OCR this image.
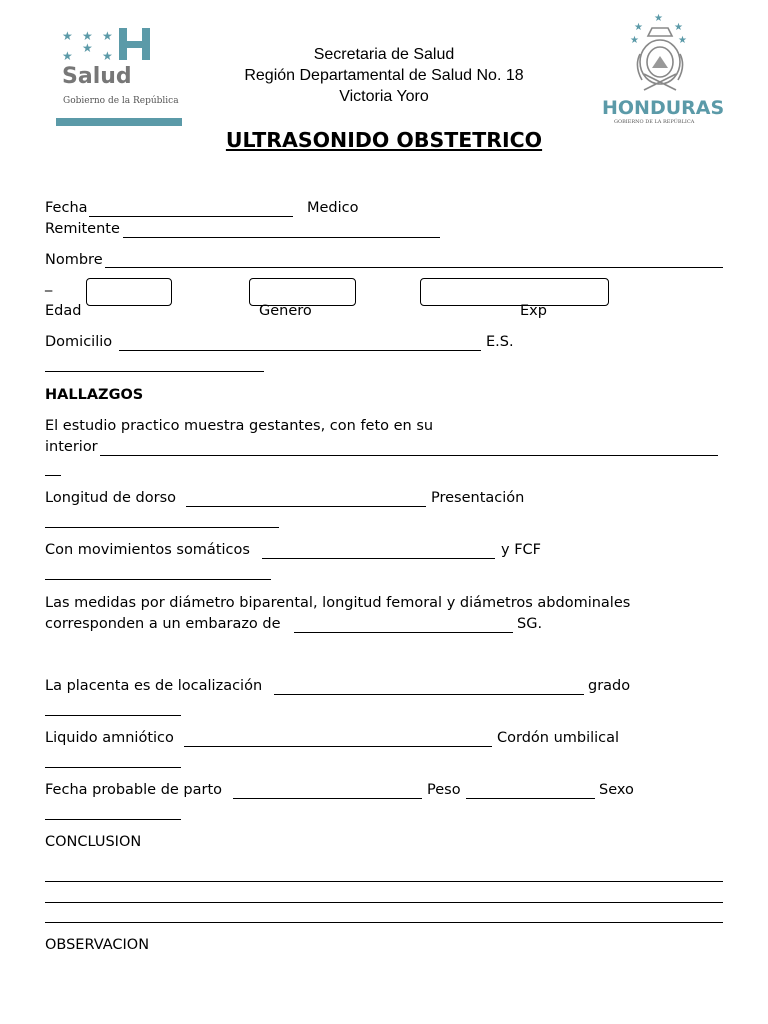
★ ★ ★
★
★
★
Salud
Gobierno de la República
★
★	★
★	★
HONDURAS
GOBIERNO DE LA REPÚBLICA
Secretaria de Salud
Región Departamental de Salud No. 18
Victoria Yoro
ULTRASONIDO OBSTETRICO
Fecha	Medico
Remitente
Nombre
_
Edad	Genero	Exp
Domicilio	E.S.
HALLAZGOS
El estudio practico muestra gestantes, con feto en su
interior
Longitud de dorso	Presentación
Con movimientos somáticos	y FCF
Las medidas por diámetro biparental, longitud femoral y diámetros abdominales
corresponden a un embarazo de	SG.
La placenta es de localización	grado
Liquido amniótico	Cordón umbilical
Fecha probable de parto	Peso	Sexo
CONCLUSION
OBSERVACION
